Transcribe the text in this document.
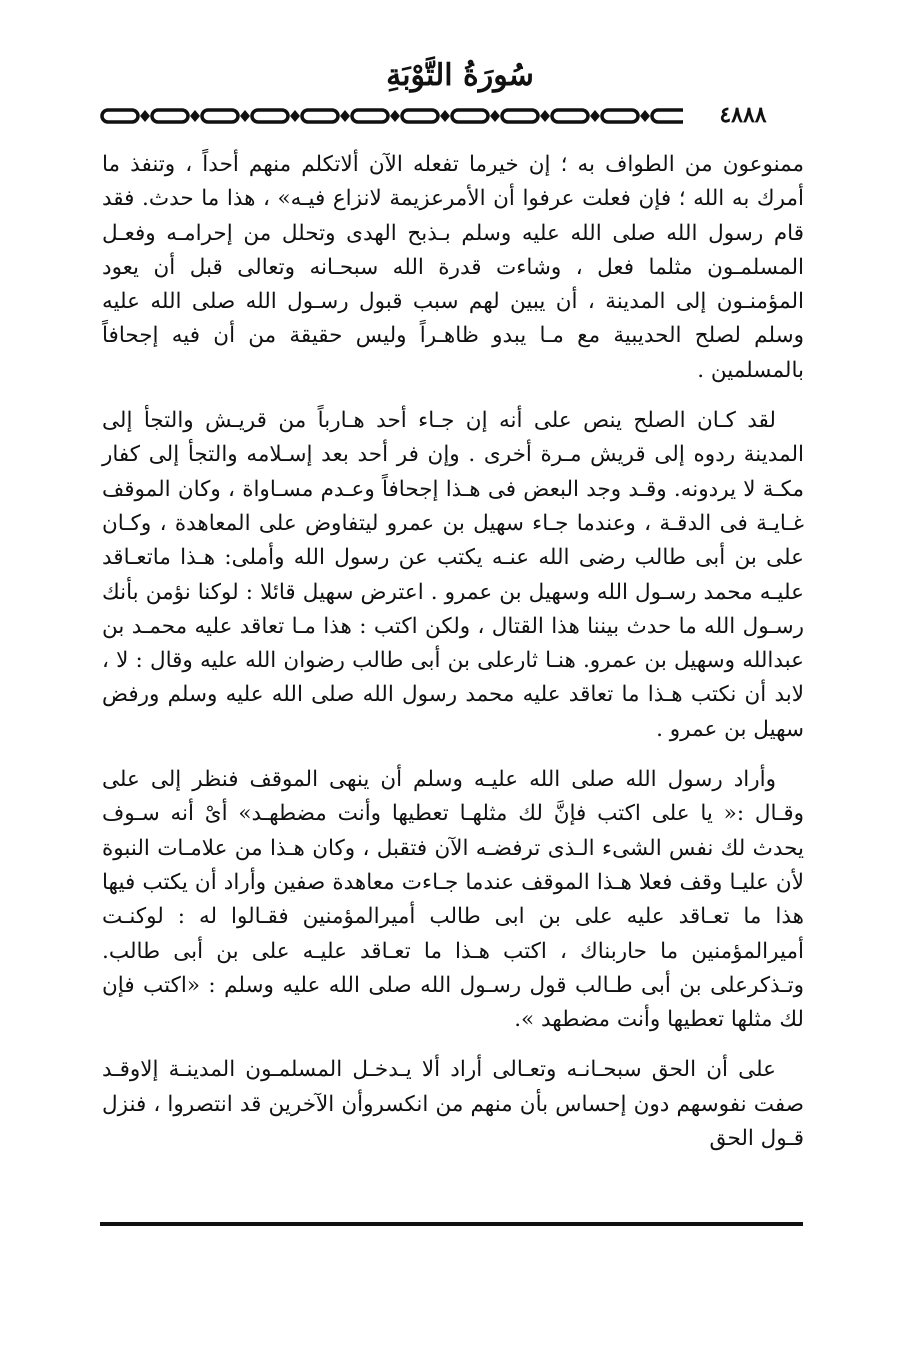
سُورَةُ التَّوْبَةِ
٤٨٨٨

ممنوعون من الطواف به ؛ إن خيرما تفعله الآن ألاتكلم منهم أحداً ، وتنفذ ما أمرك به الله ؛ فإن فعلت عرفوا أن الأمرعزيمة لانزاع فيـه» ، هذا ما حدث. فقد قام رسول الله صلى الله عليه وسلم بـذبح الهدى وتحلل من إحرامـه وفعـل المسلمـون مثلما فعل ، وشاءت قدرة الله سبحـانه وتعالى قبل أن يعود المؤمنـون إلى المدينة ، أن يبين لهم سبب قبول رسـول الله صلى الله عليه وسلم لصلح الحديبية مع مـا يبدو ظاهـراً وليس حقيقة من أن فيه إجحافاً بالمسلمين .

لقد كـان الصلح ينص على أنه إن جـاء أحد هـارباً من قريـش والتجأ إلى المدينة ردوه إلى قريش مـرة أخرى . وإن فر أحد بعد إسـلامه والتجأ إلى كفار مكـة لا يردونه. وقـد وجد البعض فى هـذا إجحافاً وعـدم مسـاواة ، وكان الموقف غـايـة فى الدقـة ، وعندما جـاء سهيل بن عمرو ليتفاوض على المعاهدة ، وكـان على بن أبى طالب رضى الله عنـه يكتب عن رسول الله وأملى: هـذا ماتعـاقد عليـه محمد رسـول الله وسهيل بن عمرو . اعترض سهيل قائلا : لوكنا نؤمن بأنك رسـول الله ما حدث بيننا هذا القتال ، ولكن اكتب : هذا مـا تعاقد عليه محمـد بن عبدالله وسهيل بن عمرو. هنـا ثارعلى بن أبى طالب رضوان الله عليه وقال : لا ، لابد أن نكتب هـذا ما تعاقد عليه محمد رسول الله صلى الله عليه وسلم ورفض سهيل بن عمرو .

وأراد رسول الله صلى الله عليـه وسلم أن ينهى الموقف فنظر إلى على وقـال :« يا على اكتب فإنَّ لك مثلهـا تعطيها وأنت مضطهـد» أىْ أنه سـوف يحدث لك نفس الشىء الـذى ترفضـه الآن فتقبل ، وكان هـذا من علامـات النبوة لأن عليـا وقف فعلا هـذا الموقف عندما جـاءت معاهدة صفين وأراد أن يكتب فيها هذا ما تعـاقد عليه على بن ابى طالب أميرالمؤمنين فقـالوا له : لوكنـت أميرالمؤمنين ما حاربناك ، اكتب هـذا ما تعـاقد عليـه على بن أبى طالب. وتـذكرعلى بن أبى طـالب قول رسـول الله صلى الله عليه وسلم : «اكتب فإن لك مثلها تعطيها وأنت مضطهد ».

على أن الحق سبحـانـه وتعـالى أراد ألا يـدخـل المسلمـون المدينـة إلاوقـد صفت نفوسهم دون إحساس بأن منهم من انكسروأن الآخرين قد انتصروا ، فنزل قـول الحق
